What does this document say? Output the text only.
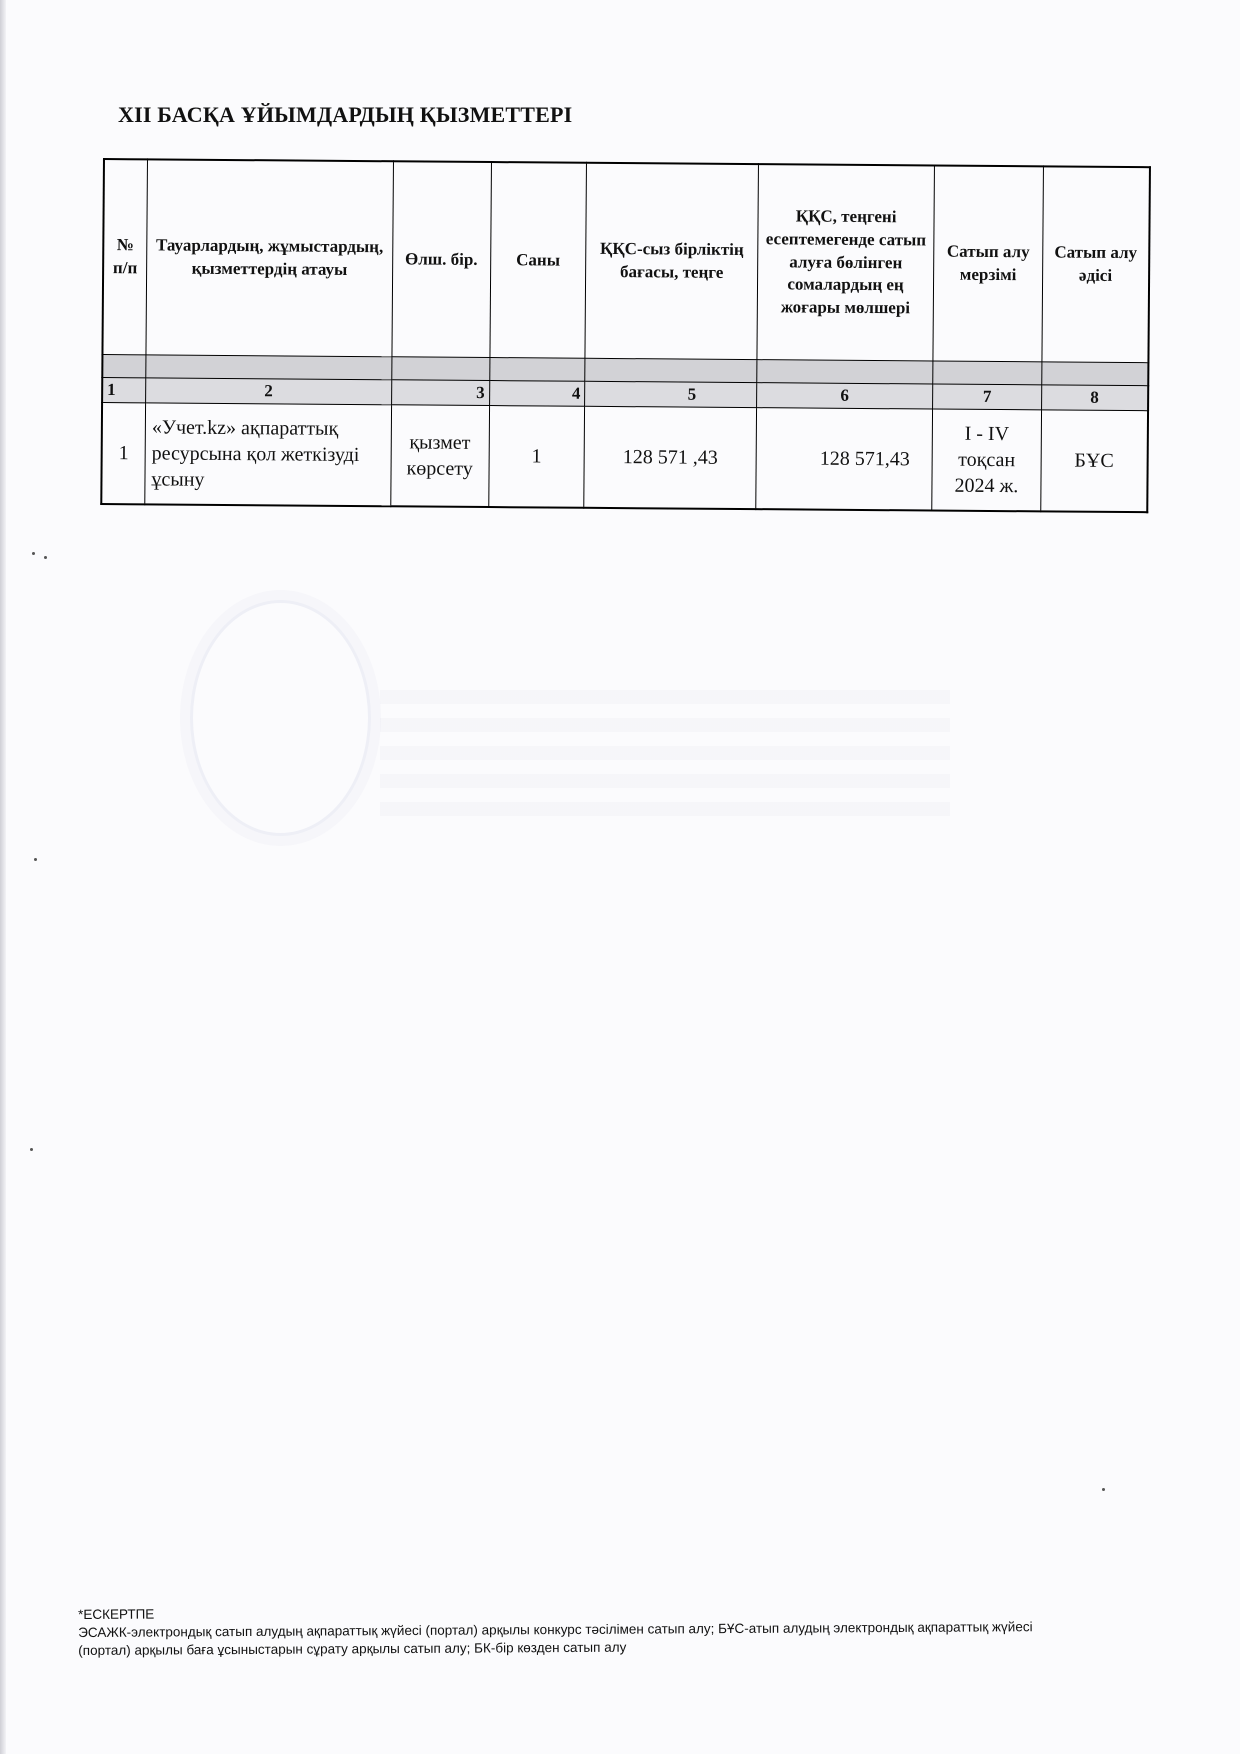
XII БАСҚА ҰЙЫМДАРДЫҢ ҚЫЗМЕТТЕРІ
№ п/п	Тауарлардың, жұмыстардың, қызметтердің атауы	Өлш. бір.	Саны	ҚҚС-сыз бірліктің бағасы, теңге	ҚҚС, теңгені есептемегенде сатып алуға бөлінген сомалардың ең жоғары мөлшері	Сатып алу мерзімі	Сатып алу әдісі

1	2	3	4	5	6	7	8
1	«Учет.kz» ақпараттық ресурсына қол жеткізуді ұсыну	қызмет көрсету	1	128 571 ,43	128 571,43	I - IV тоқсан 2024 ж.	БҰС

*ЕСКЕРТПЕ

ЭСАЖК-электрондық сатып алудың ақпараттық жүйесі (портал) арқылы конкурс тәсілімен сатып алу; БҰС-атып алудың электрондық ақпараттық жүйесі (портал) арқылы баға ұсыныстарын сұрату арқылы сатып алу; БК-бір көзден сатып алу
